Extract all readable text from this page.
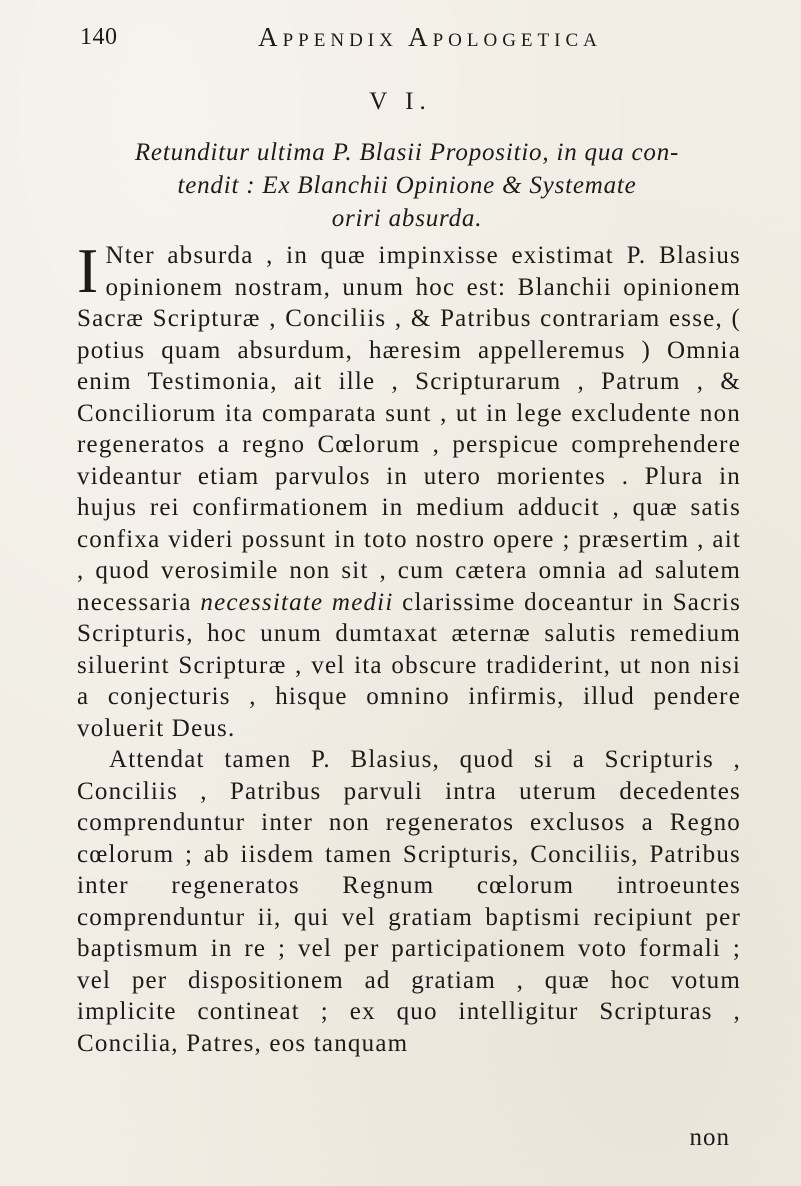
140	Appendix Apologetica
V I.
Retunditur ultima P. Blasii Propositio, in qua con-
tendit : Ex Blanchii Opinione & Systemate
oriri absurda.

I Nter absurda , in quæ impinxisse existimat P. Blasius opinionem nostram, unum hoc est: Blanchii opinionem Sacræ Scripturæ , Conciliis , & Patribus contrariam esse, ( potius quam absurdum, hæresim appelleremus ) Omnia enim Testimonia, ait ille , Scripturarum , Patrum , & Conciliorum ita comparata sunt , ut in lege excludente non regeneratos a regno Cœlorum , perspicue comprehendere videantur etiam parvulos in utero morientes . Plura in hujus rei confirmationem in medium adducit , quæ satis confixa videri possunt in toto nostro opere ; præsertim , ait , quod verosimile non sit , cum cætera omnia ad salutem necessaria necessitate medii clarissime doceantur in Sacris Scripturis, hoc unum dumtaxat æternæ salutis remedium siluerint Scripturæ , vel ita obscure tradiderint, ut non nisi a conjecturis , hisque omnino infirmis, illud pendere voluerit Deus.

Attendat tamen P. Blasius, quod si a Scripturis , Conciliis , Patribus parvuli intra uterum decedentes comprenduntur inter non regeneratos exclusos a Regno cœlorum ; ab iisdem tamen Scripturis, Conciliis, Patribus inter regeneratos Regnum cœlorum introeuntes comprenduntur ii, qui vel gratiam baptismi recipiunt per baptismum in re ; vel per participationem voto formali ; vel per dispositionem ad gratiam , quæ hoc votum implicite contineat ; ex quo intelligitur Scripturas , Concilia, Patres, eos tanquam

non
